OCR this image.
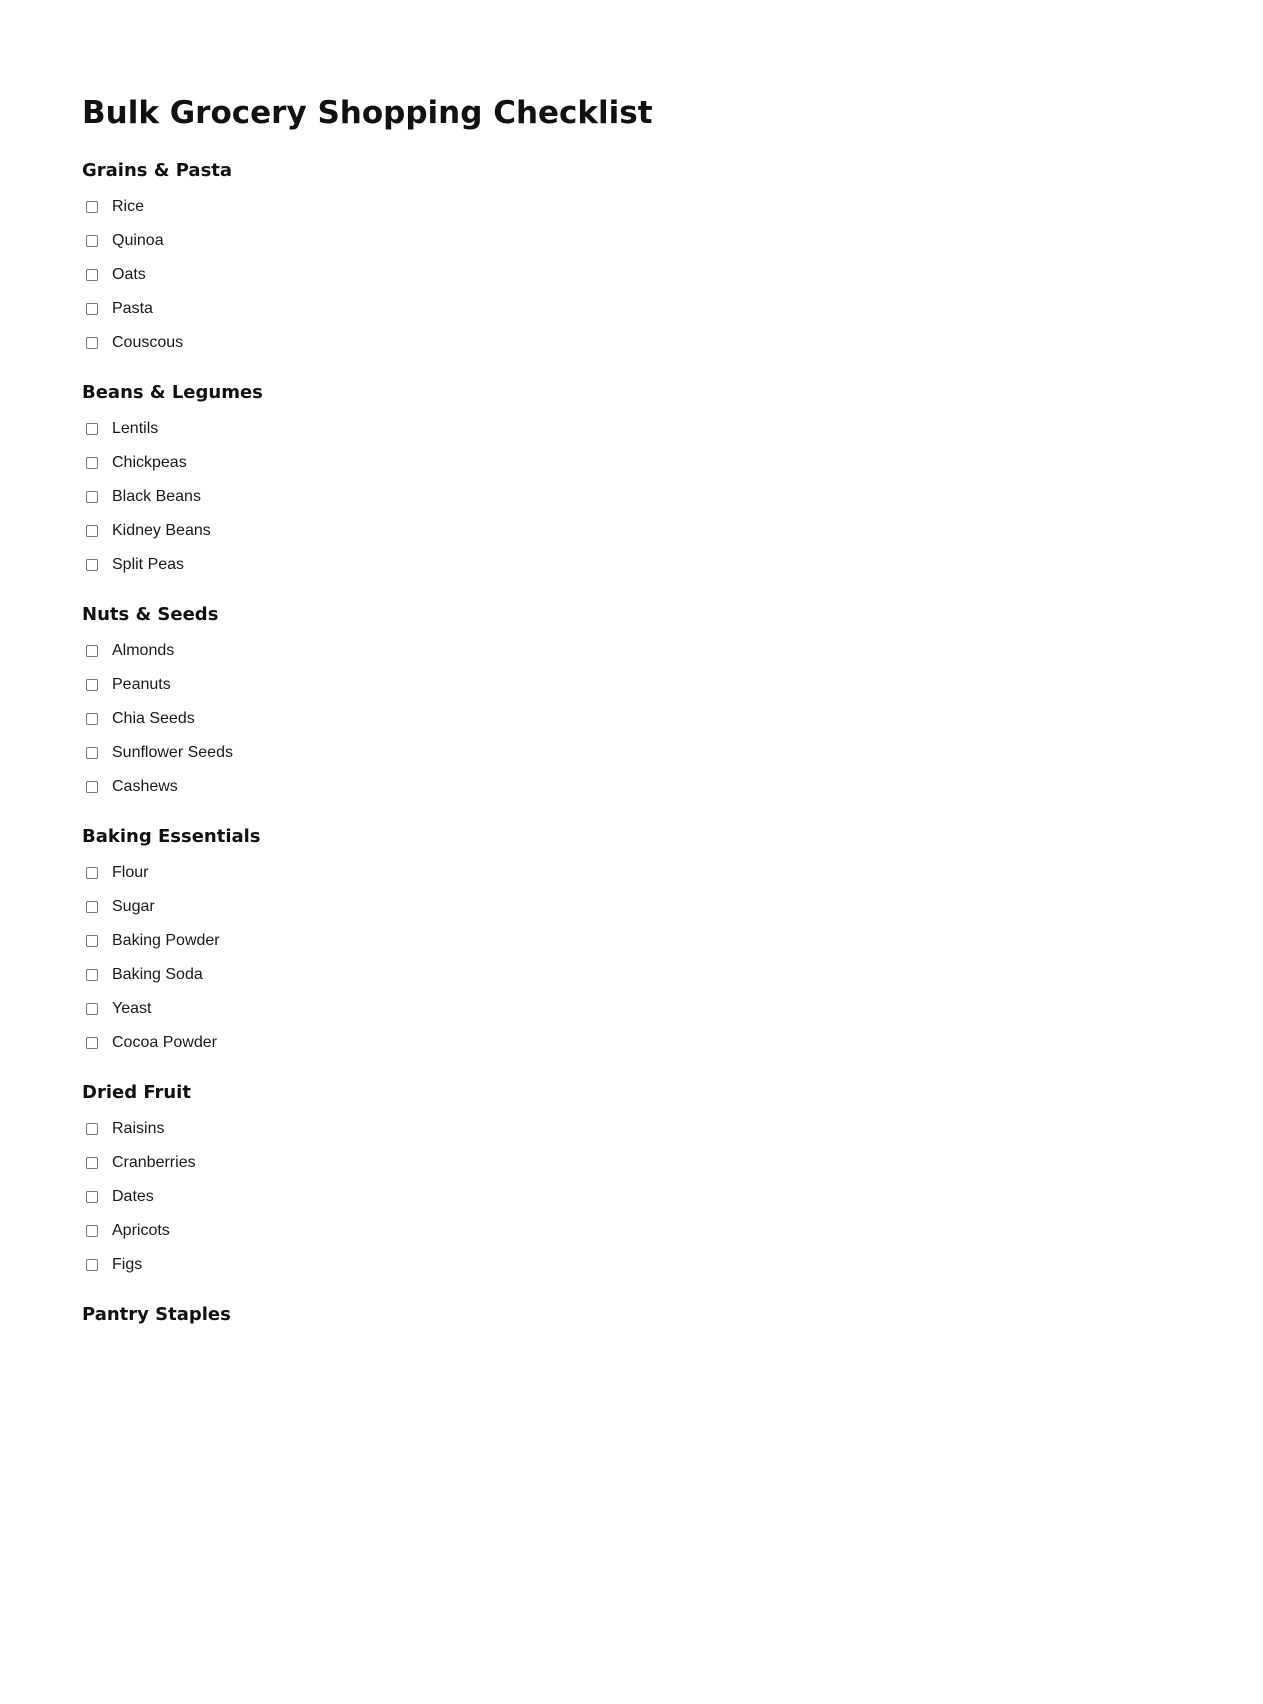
Bulk Grocery Shopping Checklist
Grains & Pasta
Rice
Quinoa
Oats
Pasta
Couscous
Beans & Legumes
Lentils
Chickpeas
Black Beans
Kidney Beans
Split Peas
Nuts & Seeds
Almonds
Peanuts
Chia Seeds
Sunflower Seeds
Cashews
Baking Essentials
Flour
Sugar
Baking Powder
Baking Soda
Yeast
Cocoa Powder
Dried Fruit
Raisins
Cranberries
Dates
Apricots
Figs
Pantry Staples
